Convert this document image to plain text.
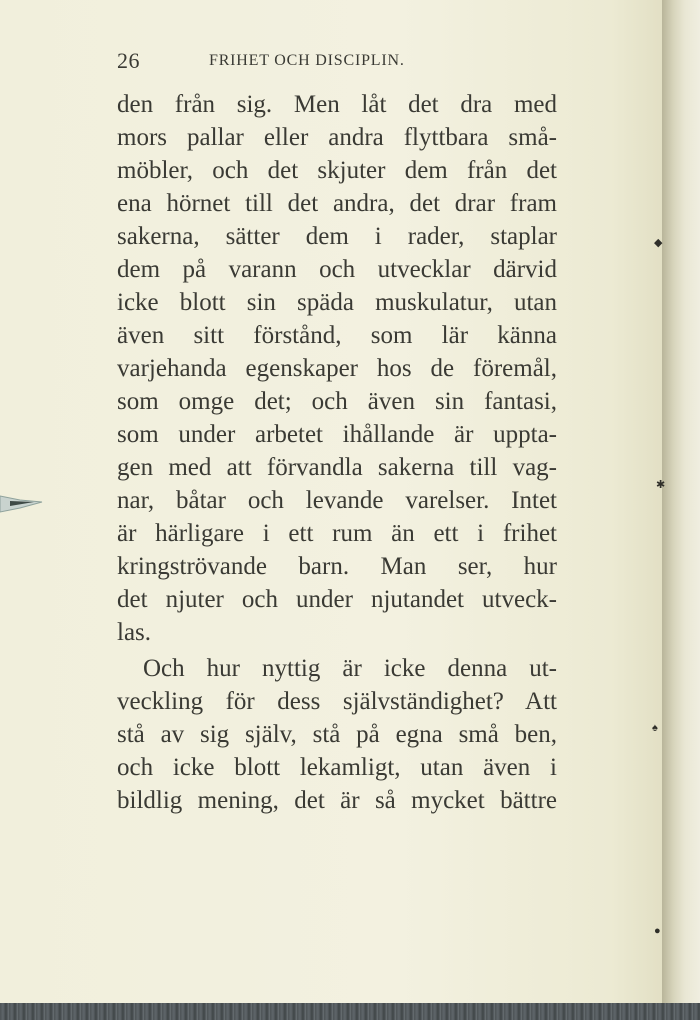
26	FRIHET OCH DISCIPLIN.
den från sig. Men låt det dra med
mors pallar eller andra flyttbara små-
möbler, och det skjuter dem från det
ena hörnet till det andra, det drar fram
sakerna, sätter dem i rader, staplar
dem på varann och utvecklar därvid
icke blott sin späda muskulatur, utan
även sitt förstånd, som lär känna
varjehanda egenskaper hos de föremål,
som omge det; och även sin fantasi,
som under arbetet ihållande är uppta-
gen med att förvandla sakerna till vag-
nar, båtar och levande varelser. Intet
är härligare i ett rum än ett i frihet
kringströvande barn. Man ser, hur
det njuter och under njutandet utveck-
las.
Och hur nyttig är icke denna ut-
veckling för dess självständighet? Att
stå av sig själv, stå på egna små ben,
och icke blott lekamligt, utan även i
bildlig mening, det är så mycket bättre
◆
✱
♠
●
